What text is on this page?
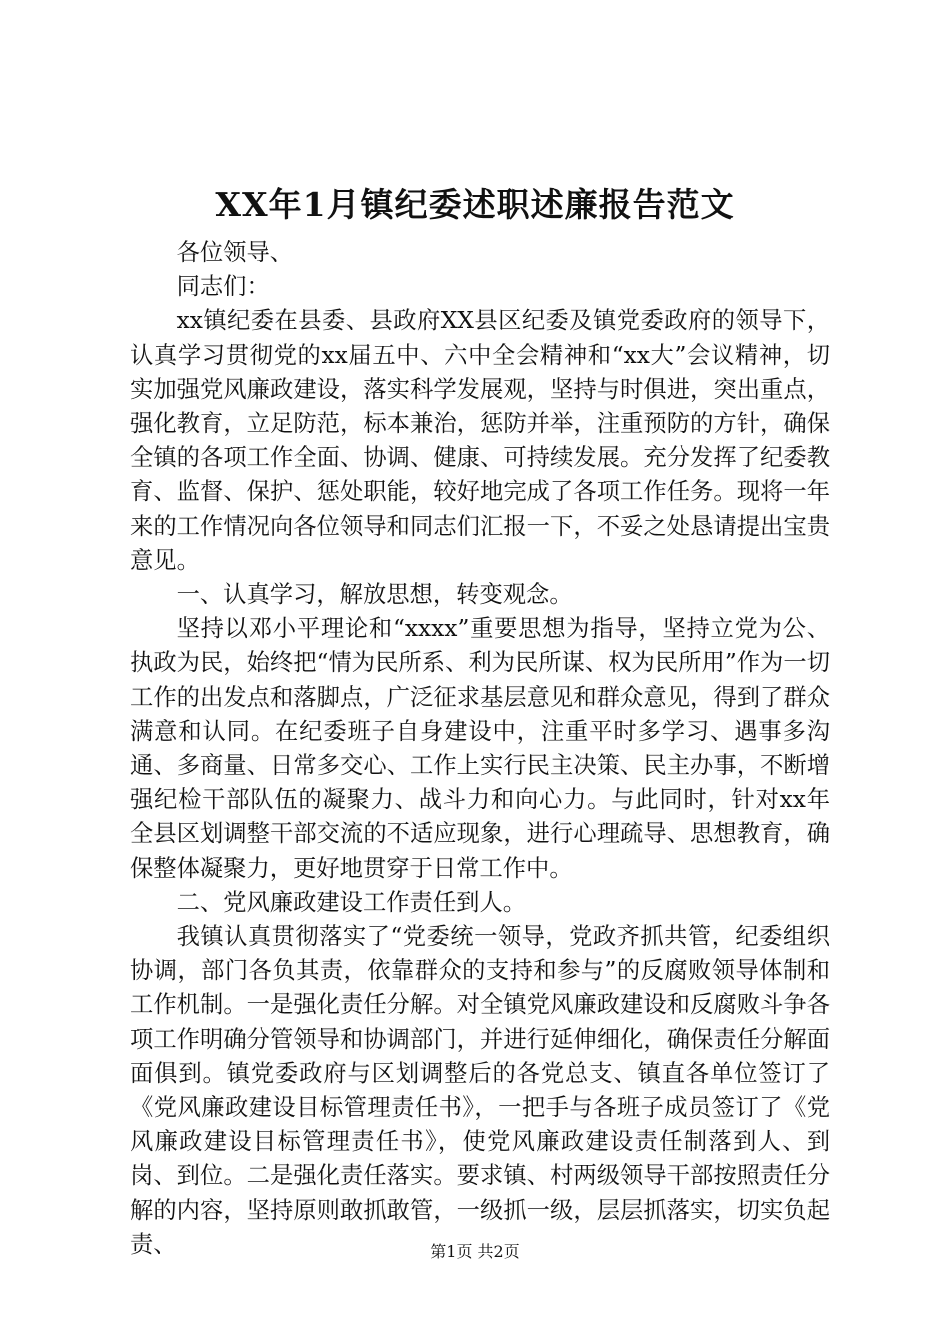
XX年1月镇纪委述职述廉报告范文

各位领导、

同志们：

xx镇纪委在县委、县政府XX县区纪委及镇党委政府的领导下，认真学习贯彻党的xx届五中、六中全会精神和“xx大”会议精神，切实加强党风廉政建设，落实科学发展观，坚持与时俱进，突出重点，强化教育，立足防范，标本兼治，惩防并举，注重预防的方针，确保全镇的各项工作全面、协调、健康、可持续发展。充分发挥了纪委教育、监督、保护、惩处职能，较好地完成了各项工作任务。现将一年来的工作情况向各位领导和同志们汇报一下，不妥之处恳请提出宝贵意见。

一、认真学习，解放思想，转变观念。

坚持以邓小平理论和“xxxx”重要思想为指导，坚持立党为公、执政为民，始终把“情为民所系、利为民所谋、权为民所用”作为一切工作的出发点和落脚点，广泛征求基层意见和群众意见，得到了群众满意和认同。在纪委班子自身建设中，注重平时多学习、遇事多沟通、多商量、日常多交心、工作上实行民主决策、民主办事，不断增强纪检干部队伍的凝聚力、战斗力和向心力。与此同时，针对xx年全县区划调整干部交流的不适应现象，进行心理疏导、思想教育，确保整体凝聚力，更好地贯穿于日常工作中。

二、党风廉政建设工作责任到人。

我镇认真贯彻落实了“党委统一领导，党政齐抓共管，纪委组织协调，部门各负其责，依靠群众的支持和参与”的反腐败领导体制和工作机制。一是强化责任分解。对全镇党风廉政建设和反腐败斗争各项工作明确分管领导和协调部门，并进行延伸细化，确保责任分解面面俱到。镇党委政府与区划调整后的各党总支、镇直各单位签订了《党风廉政建设目标管理责任书》，一把手与各班子成员签订了《党风廉政建设目标管理责任书》，使党风廉政建设责任制落到人、到岗、到位。二是强化责任落实。要求镇、村两级领导干部按照责任分解的内容，坚持原则敢抓敢管，一级抓一级，层层抓落实，切实负起责、	第1页 共2页
